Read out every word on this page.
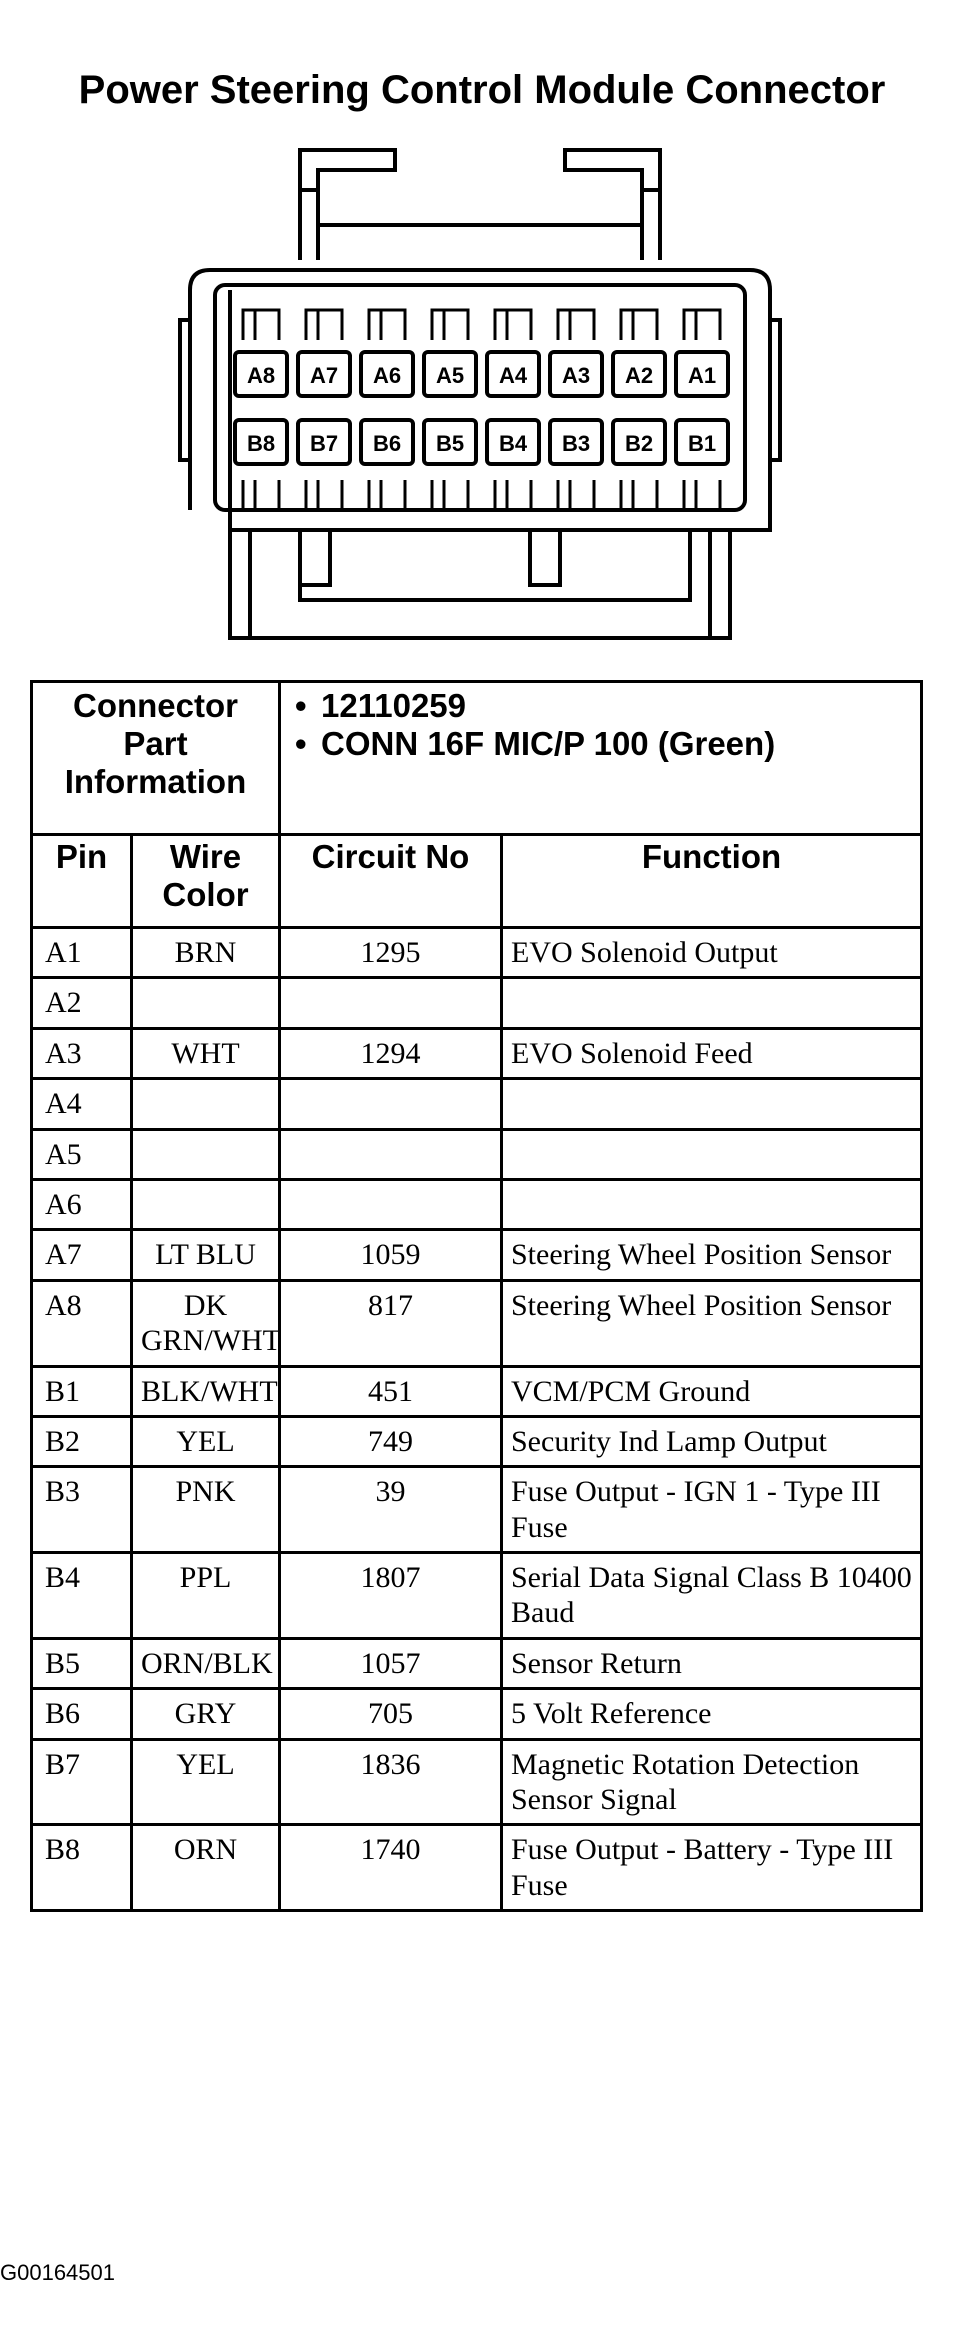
Power Steering Control Module Connector
A8 A7 A6 A5 A4 A3 A2 A1
B8 B7 B6 B5 B4 B3 B2 B1
Connector Part Information		• 12110259
• CONN 16F MIC/P 100 (Green)	

Pin	Wire Color	Circuit No	Function
A1	BRN	1295	EVO Solenoid Output
A2			
A3	WHT	1294	EVO Solenoid Feed
A4			
A5			
A6			
A7	LT BLU	1059	Steering Wheel Position Sensor
A8	DK GRN/WHT	817	Steering Wheel Position Sensor
B1	BLK/WHT	451	VCM/PCM Ground
B2	YEL	749	Security Ind Lamp Output
B3	PNK	39	Fuse Output - IGN 1 - Type III Fuse
B4	PPL	1807	Serial Data Signal Class B 10400 Baud
B5	ORN/BLK	1057	Sensor Return
B6	GRY	705	5 Volt Reference
B7	YEL	1836	Magnetic Rotation Detection Sensor Signal
B8	ORN	1740	Fuse Output - Battery - Type III Fuse
G00164501
